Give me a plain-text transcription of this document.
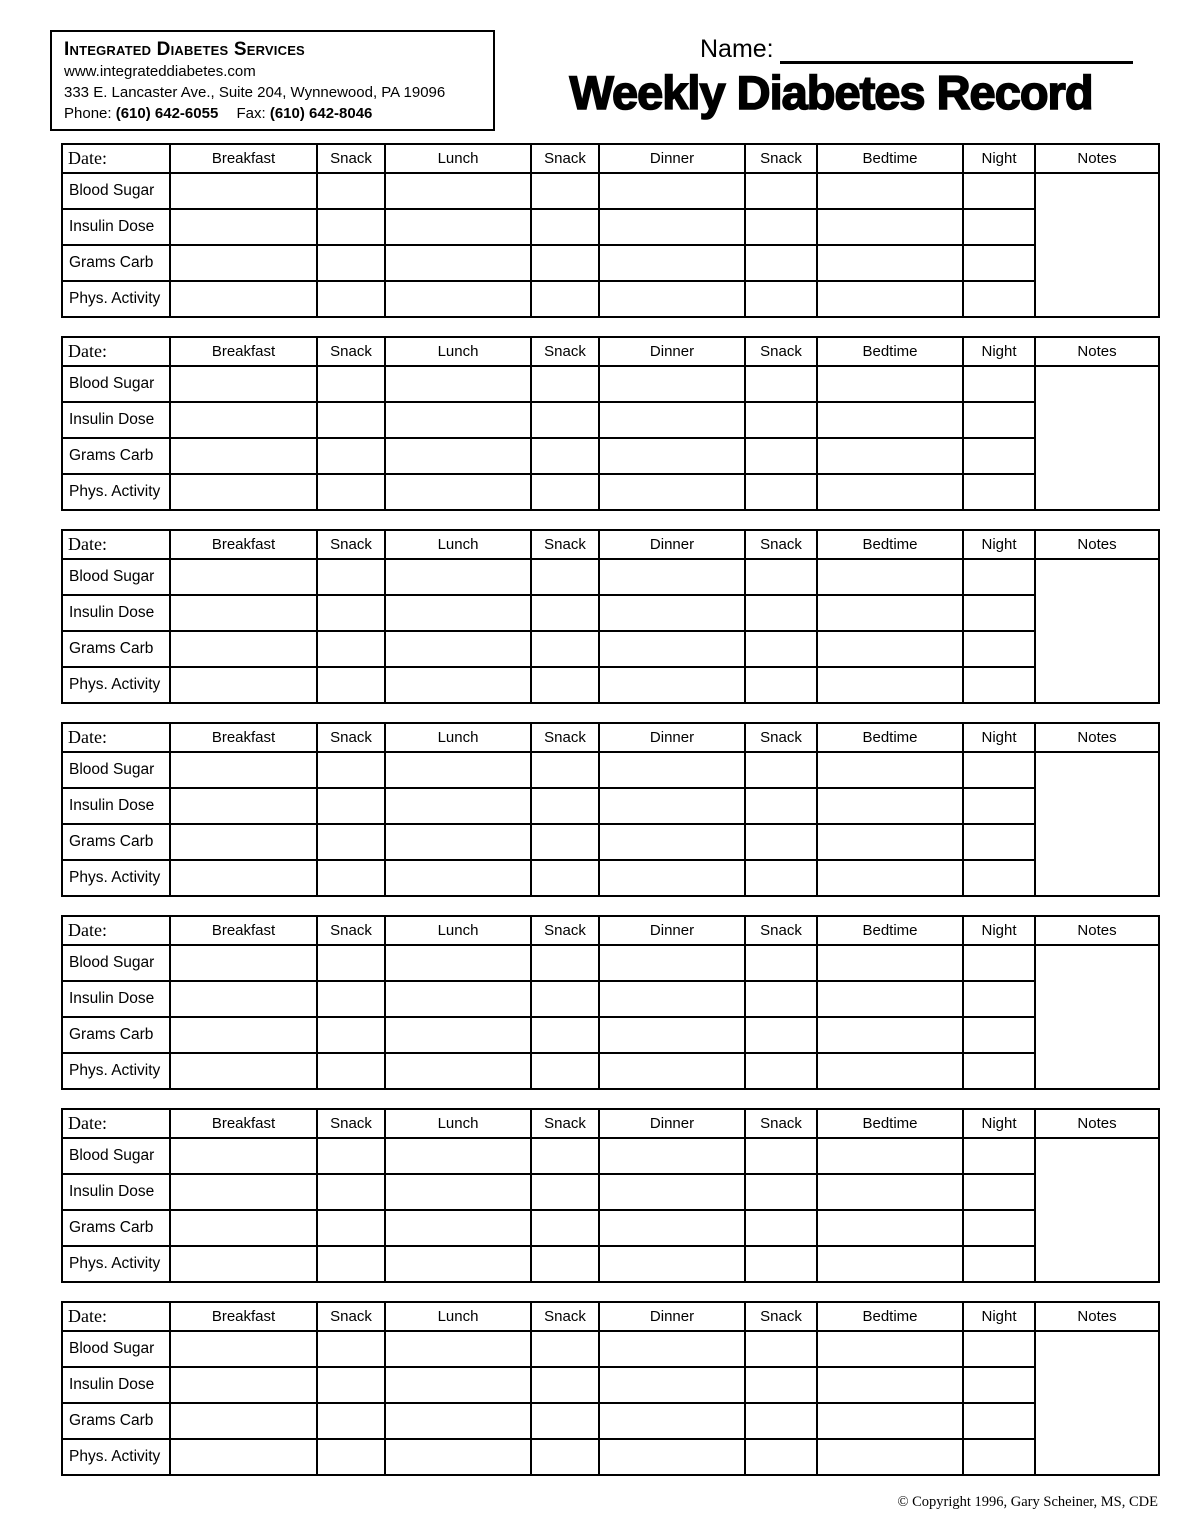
Integrated Diabetes Services
www.integrateddiabetes.com
333 E. Lancaster Ave., Suite 204, Wynnewood, PA 19096
Phone: (610) 642-6055 Fax: (610) 642-8046
Name:
Weekly Diabetes Record
Date:	Breakfast	Snack	Lunch	Snack	Dinner	Snack	Bedtime	Night	Notes
Blood Sugar									
Insulin Dose									
Grams Carb									
Phys. Activity									
Date:	Breakfast	Snack	Lunch	Snack	Dinner	Snack	Bedtime	Night	Notes
Blood Sugar									
Insulin Dose									
Grams Carb									
Phys. Activity									
Date:	Breakfast	Snack	Lunch	Snack	Dinner	Snack	Bedtime	Night	Notes
Blood Sugar									
Insulin Dose									
Grams Carb									
Phys. Activity									
Date:	Breakfast	Snack	Lunch	Snack	Dinner	Snack	Bedtime	Night	Notes
Blood Sugar									
Insulin Dose									
Grams Carb									
Phys. Activity									
Date:	Breakfast	Snack	Lunch	Snack	Dinner	Snack	Bedtime	Night	Notes
Blood Sugar									
Insulin Dose									
Grams Carb									
Phys. Activity									
Date:	Breakfast	Snack	Lunch	Snack	Dinner	Snack	Bedtime	Night	Notes
Blood Sugar									
Insulin Dose									
Grams Carb									
Phys. Activity									
Date:	Breakfast	Snack	Lunch	Snack	Dinner	Snack	Bedtime	Night	Notes
Blood Sugar									
Insulin Dose									
Grams Carb									
Phys. Activity									
© Copyright 1996, Gary Scheiner, MS, CDE
